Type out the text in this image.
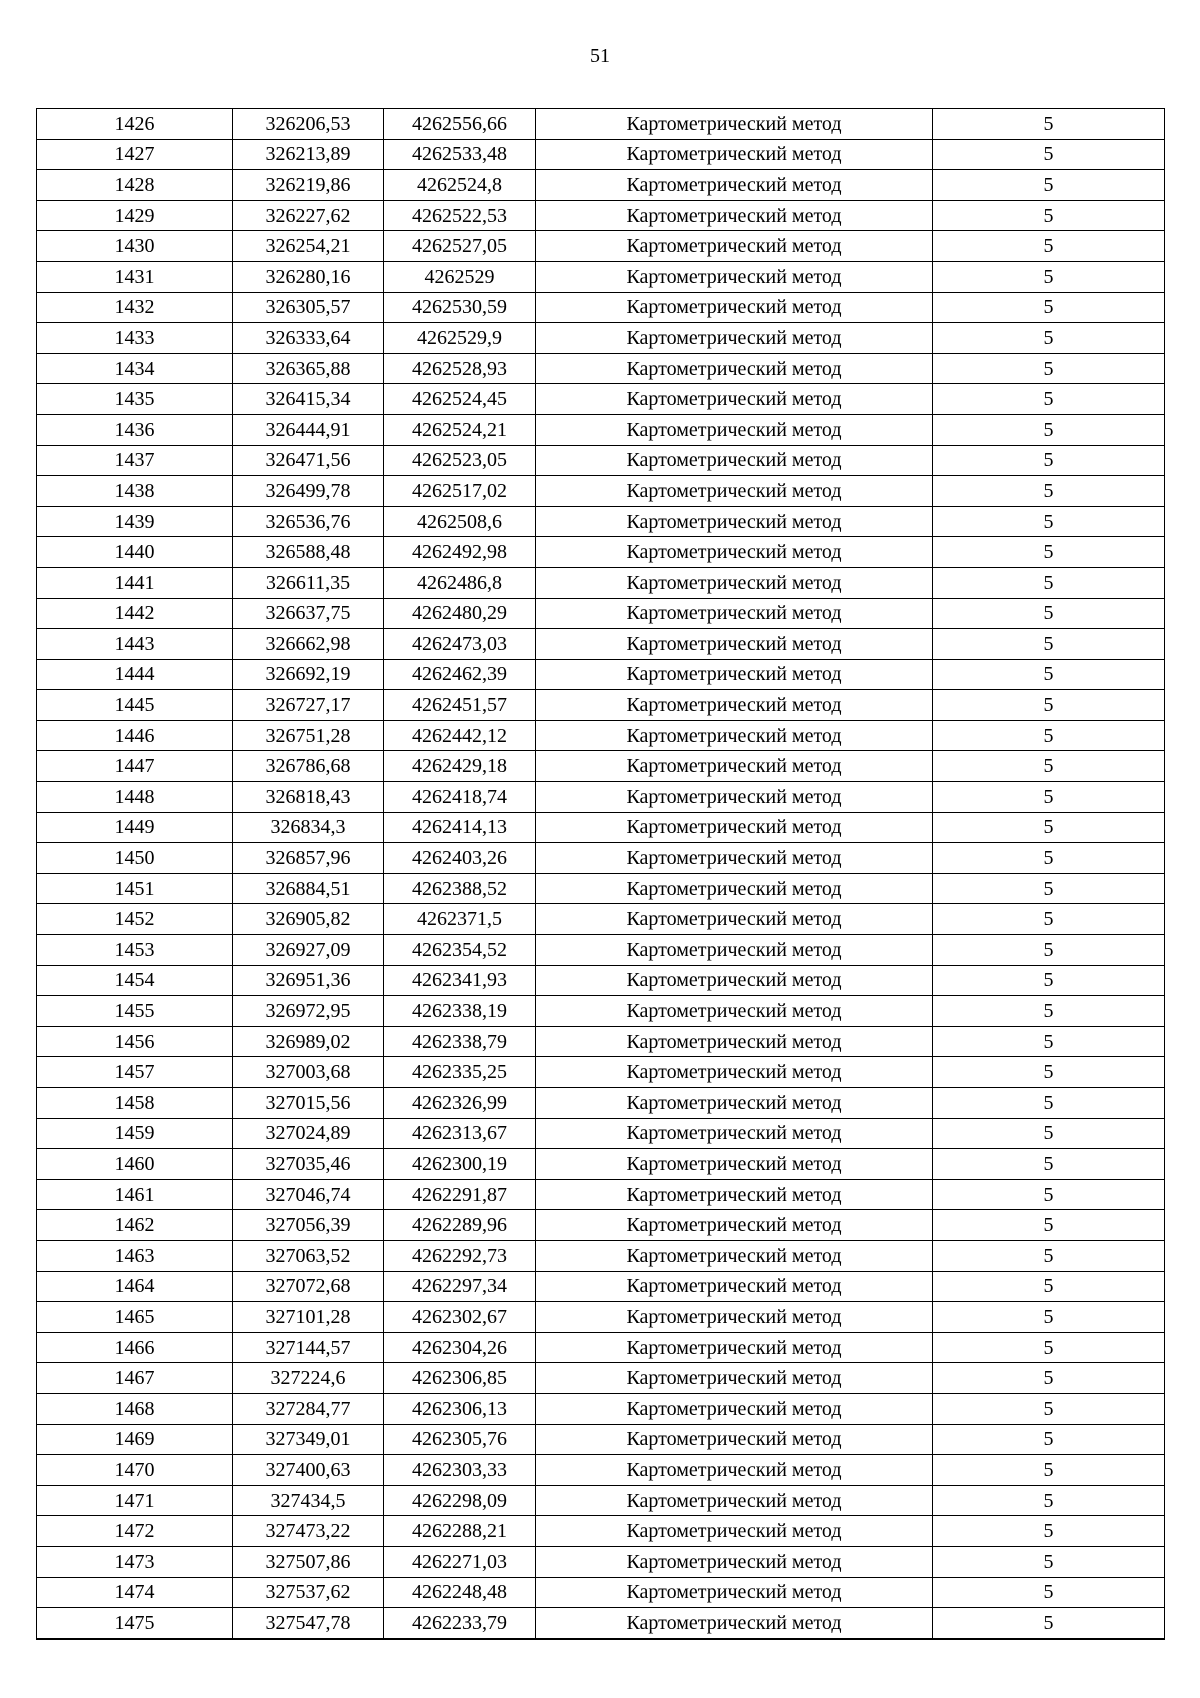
51
1426	326206,53	4262556,66	Картометрический метод	5
1427	326213,89	4262533,48	Картометрический метод	5
1428	326219,86	4262524,8	Картометрический метод	5
1429	326227,62	4262522,53	Картометрический метод	5
1430	326254,21	4262527,05	Картометрический метод	5
1431	326280,16	4262529	Картометрический метод	5
1432	326305,57	4262530,59	Картометрический метод	5
1433	326333,64	4262529,9	Картометрический метод	5
1434	326365,88	4262528,93	Картометрический метод	5
1435	326415,34	4262524,45	Картометрический метод	5
1436	326444,91	4262524,21	Картометрический метод	5
1437	326471,56	4262523,05	Картометрический метод	5
1438	326499,78	4262517,02	Картометрический метод	5
1439	326536,76	4262508,6	Картометрический метод	5
1440	326588,48	4262492,98	Картометрический метод	5
1441	326611,35	4262486,8	Картометрический метод	5
1442	326637,75	4262480,29	Картометрический метод	5
1443	326662,98	4262473,03	Картометрический метод	5
1444	326692,19	4262462,39	Картометрический метод	5
1445	326727,17	4262451,57	Картометрический метод	5
1446	326751,28	4262442,12	Картометрический метод	5
1447	326786,68	4262429,18	Картометрический метод	5
1448	326818,43	4262418,74	Картометрический метод	5
1449	326834,3	4262414,13	Картометрический метод	5
1450	326857,96	4262403,26	Картометрический метод	5
1451	326884,51	4262388,52	Картометрический метод	5
1452	326905,82	4262371,5	Картометрический метод	5
1453	326927,09	4262354,52	Картометрический метод	5
1454	326951,36	4262341,93	Картометрический метод	5
1455	326972,95	4262338,19	Картометрический метод	5
1456	326989,02	4262338,79	Картометрический метод	5
1457	327003,68	4262335,25	Картометрический метод	5
1458	327015,56	4262326,99	Картометрический метод	5
1459	327024,89	4262313,67	Картометрический метод	5
1460	327035,46	4262300,19	Картометрический метод	5
1461	327046,74	4262291,87	Картометрический метод	5
1462	327056,39	4262289,96	Картометрический метод	5
1463	327063,52	4262292,73	Картометрический метод	5
1464	327072,68	4262297,34	Картометрический метод	5
1465	327101,28	4262302,67	Картометрический метод	5
1466	327144,57	4262304,26	Картометрический метод	5
1467	327224,6	4262306,85	Картометрический метод	5
1468	327284,77	4262306,13	Картометрический метод	5
1469	327349,01	4262305,76	Картометрический метод	5
1470	327400,63	4262303,33	Картометрический метод	5
1471	327434,5	4262298,09	Картометрический метод	5
1472	327473,22	4262288,21	Картометрический метод	5
1473	327507,86	4262271,03	Картометрический метод	5
1474	327537,62	4262248,48	Картометрический метод	5
1475	327547,78	4262233,79	Картометрический метод	5
